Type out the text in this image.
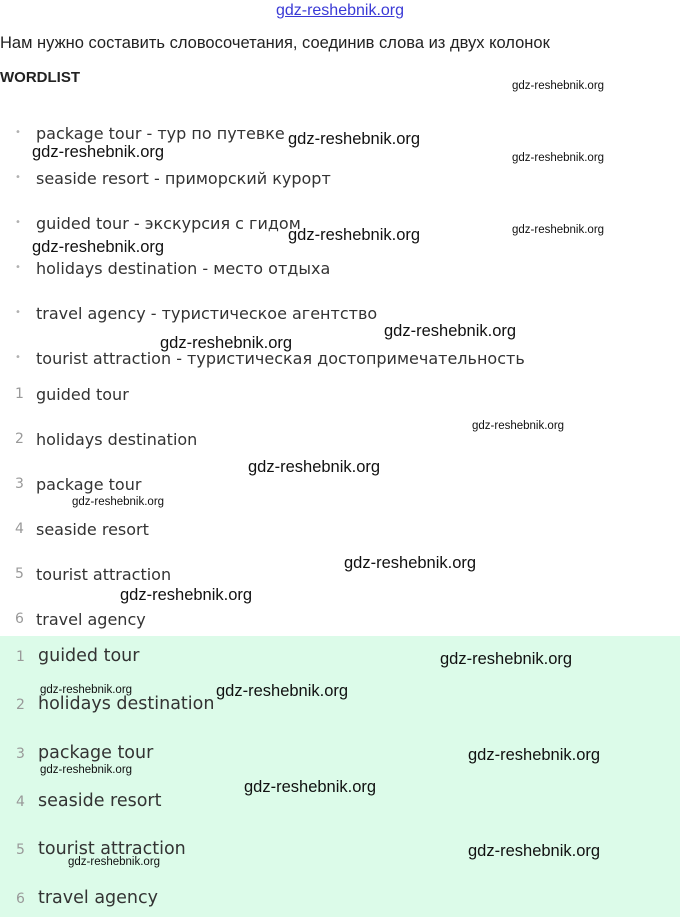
gdz-reshebnik.org
Нам нужно составить словосочетания, соединив слова из двух колонок
WORDLIST
• package tour - тур по путевке
• seaside resort - приморский курорт
• guided tour - экскурсия с гидом
• holidays destination - место отдыха
• travel agency - туристическое агентство
• tourist attraction - туристическая достопримечательность
1 guided tour
2 holidays destination
3 package tour
4 seaside resort
5 tourist attraction
6 travel agency
1 guided tour
2 holidays destination
3 package tour
4 seaside resort
5 tourist attraction
6 travel agency
gdz-reshebnik.org
gdz-reshebnik.org
gdz-reshebnik.org	gdz-reshebnik.org
gdz-reshebnik.org
gdz-reshebnik.org
gdz-reshebnik.org
gdz-reshebnik.org
gdz-reshebnik.org
gdz-reshebnik.org
gdz-reshebnik.org
gdz-reshebnik.org
gdz-reshebnik.org
gdz-reshebnik.org
gdz-reshebnik.org
gdz-reshebnik.org	gdz-reshebnik.org
gdz-reshebnik.org
gdz-reshebnik.org
gdz-reshebnik.org
gdz-reshebnik.org
gdz-reshebnik.org
